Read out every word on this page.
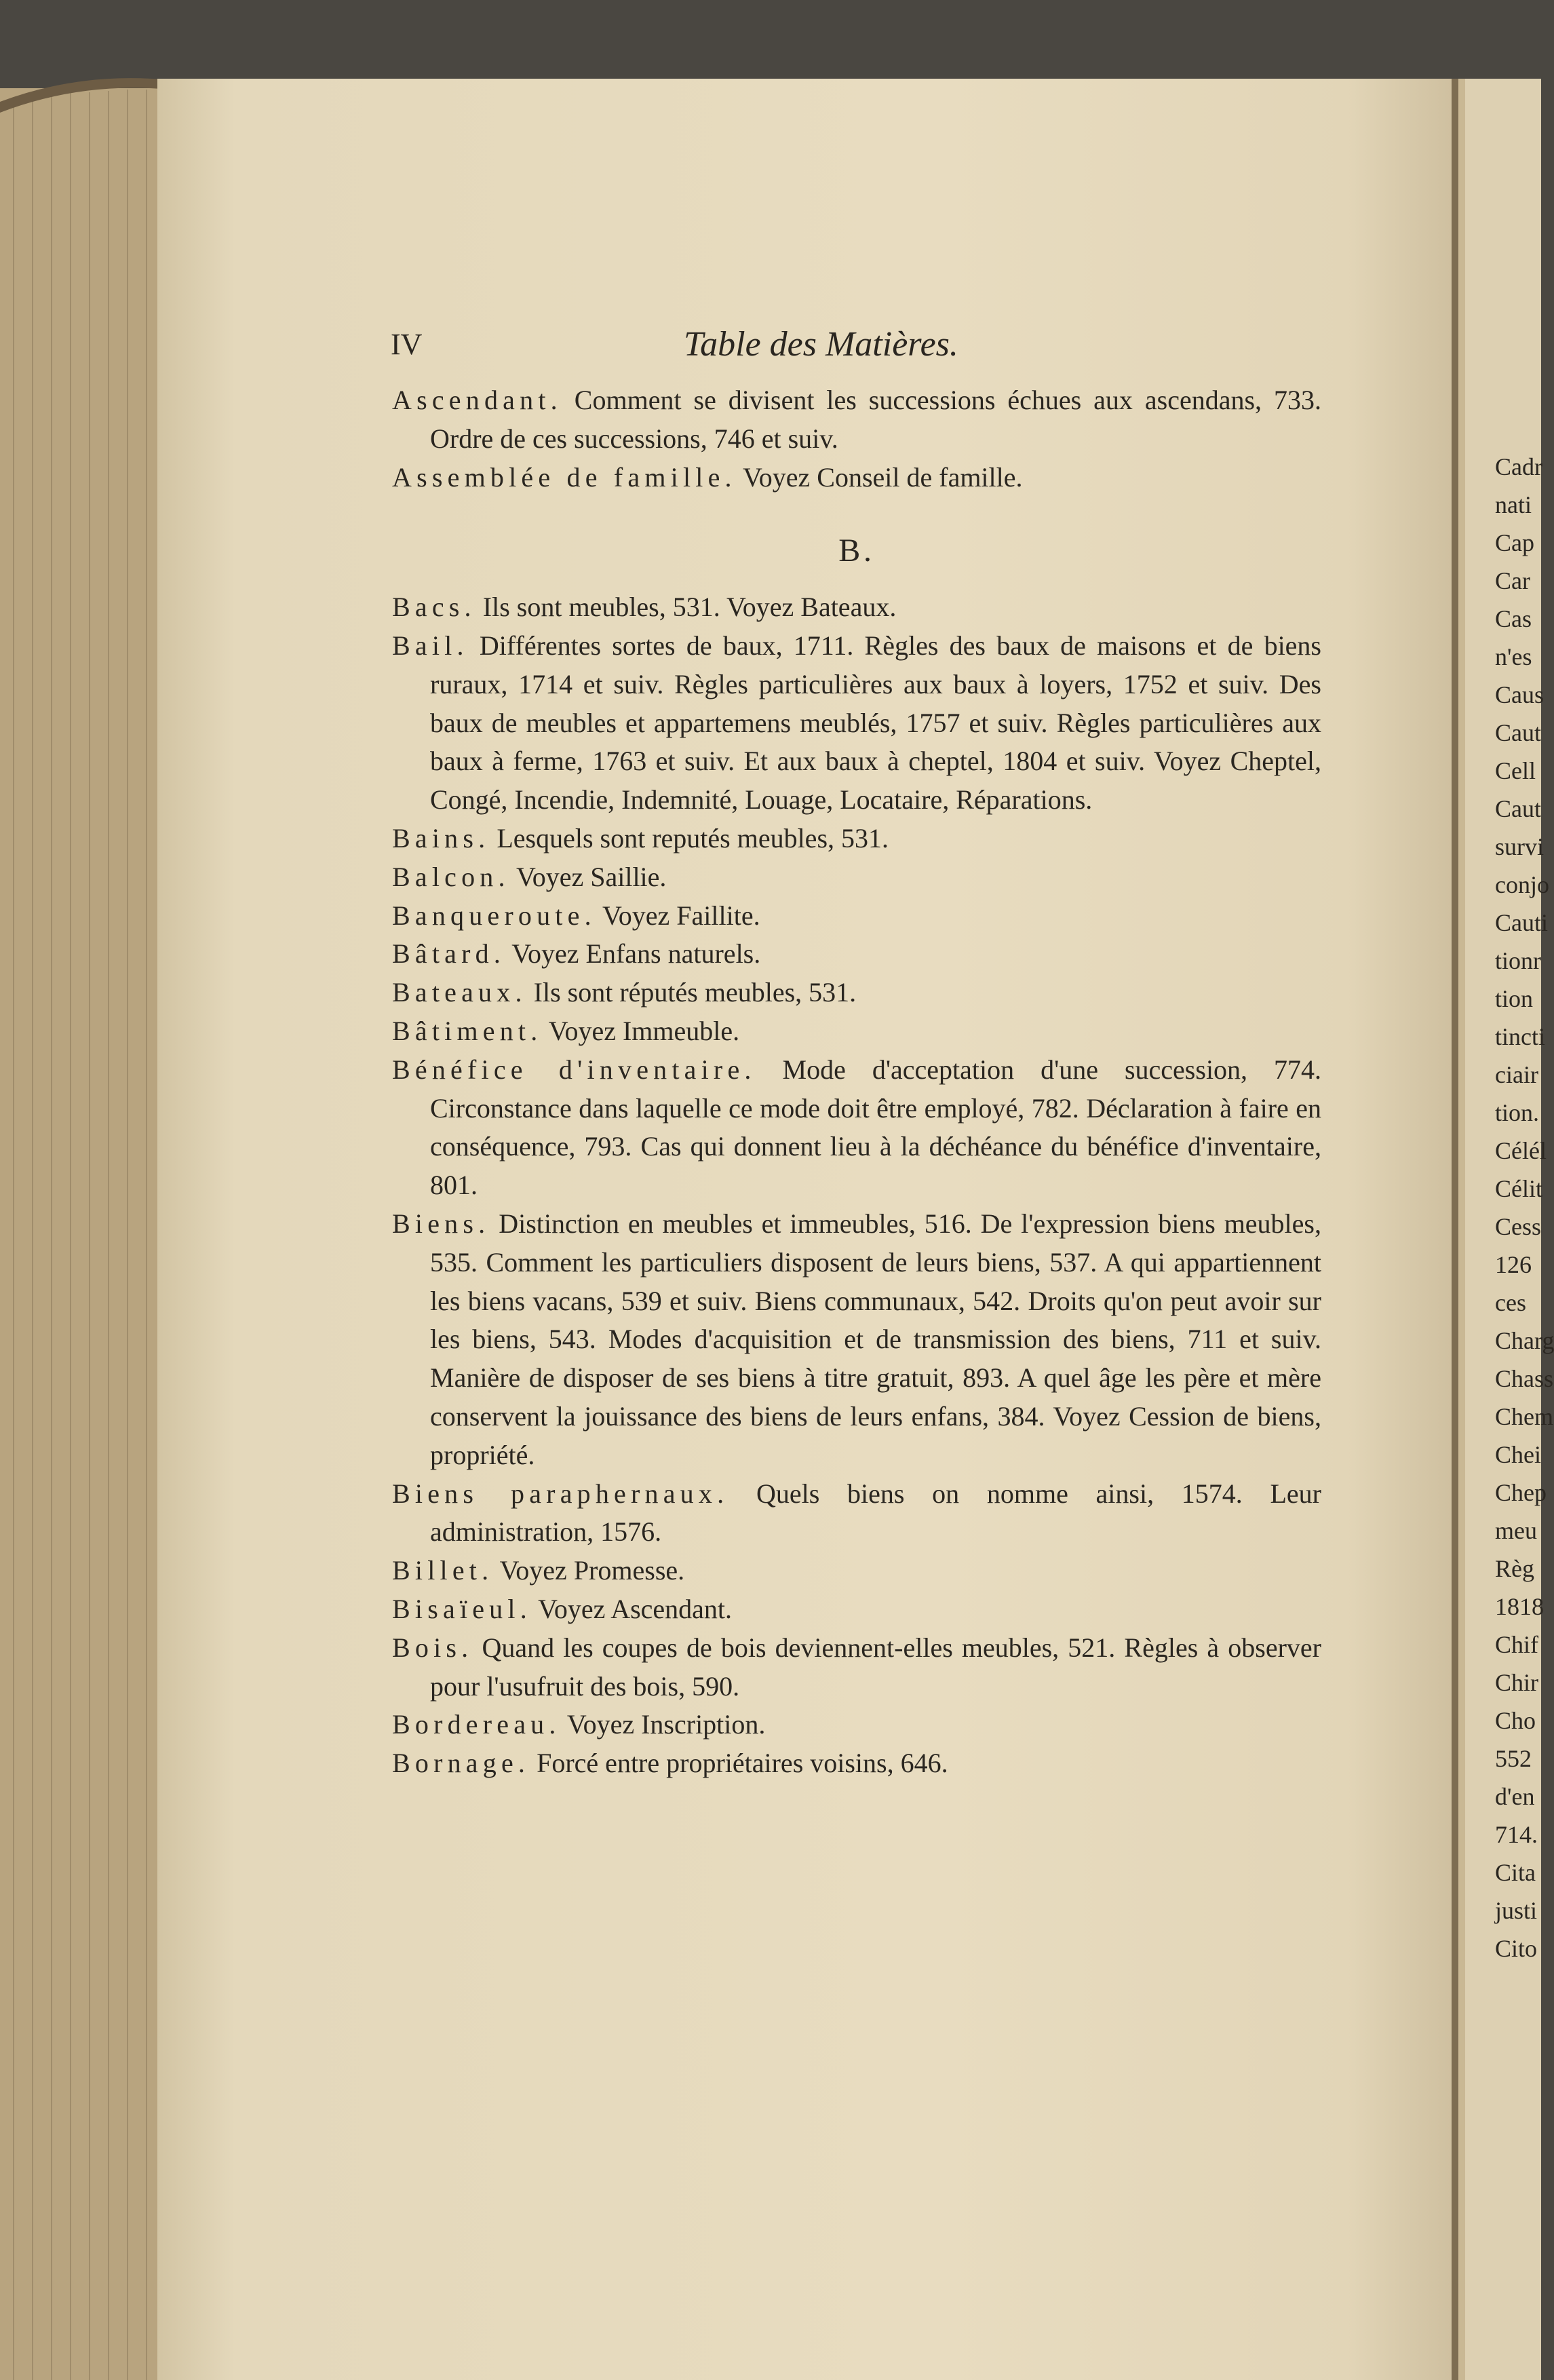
IV	Table des Matières.
Ascendant. Comment se divisent les successions échues aux ascendans, 733. Ordre de ces successions, 746 et suiv.
Assemblée de famille. Voyez Conseil de famille.
B.
Bacs. Ils sont meubles, 531. Voyez Bateaux.
Bail. Différentes sortes de baux, 1711. Règles des baux de maisons et de biens ruraux, 1714 et suiv. Règles particulières aux baux à loyers, 1752 et suiv. Des baux de meubles et appartemens meublés, 1757 et suiv. Règles particulières aux baux à ferme, 1763 et suiv. Et aux baux à cheptel, 1804 et suiv. Voyez Cheptel, Congé, Incendie, Indemnité, Louage, Locataire, Réparations.
Bains. Lesquels sont reputés meubles, 531.
Balcon. Voyez Saillie.
Banqueroute. Voyez Faillite.
Bâtard. Voyez Enfans naturels.
Bateaux. Ils sont réputés meubles, 531.
Bâtiment. Voyez Immeuble.
Bénéfice d'inventaire. Mode d'acceptation d'une succession, 774. Circonstance dans laquelle ce mode doit être employé, 782. Déclaration à faire en conséquence, 793. Cas qui donnent lieu à la déchéance du bénéfice d'inventaire, 801.
Biens. Distinction en meubles et immeubles, 516. De l'expression biens meubles, 535. Comment les particuliers disposent de leurs biens, 537. A qui appartiennent les biens vacans, 539 et suiv. Biens communaux, 542. Droits qu'on peut avoir sur les biens, 543. Modes d'acquisition et de transmission des biens, 711 et suiv. Manière de disposer de ses biens à titre gratuit, 893. A quel âge les père et mère conservent la jouissance des biens de leurs enfans, 384. Voyez Cession de biens, propriété.
Biens paraphernaux. Quels biens on nomme ainsi, 1574. Leur administration, 1576.
Billet. Voyez Promesse.
Bisaïeul. Voyez Ascendant.
Bois. Quand les coupes de bois deviennent-elles meubles, 521. Règles à observer pour l'usufruit des bois, 590.
Bordereau. Voyez Inscription.
Bornage. Forcé entre propriétaires voisins, 646.
Cadr
nati
Cap
Car
Cas
n'es
Caus
Caut
Cell
Caut
survi
conjo
Cauti
tionr
tion
tincti
ciair
tion.
Célél
Célit
Cess
126
ces
Charg
Chass
Chem
Chei
Chep
meu
Règ
1818
Chif
Chir
Cho
552
d'en
714.
Cita
justi
Cito
